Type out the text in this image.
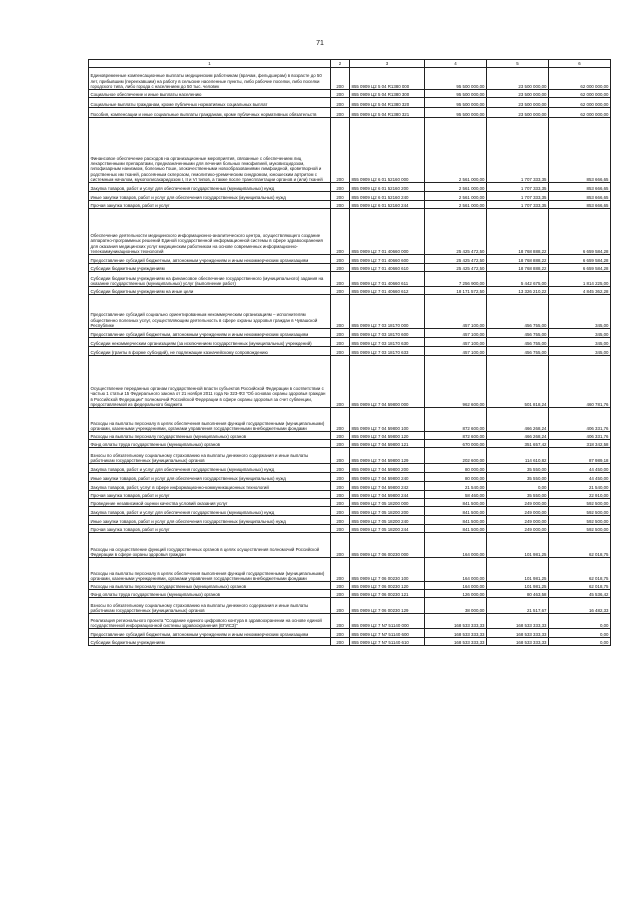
71
1	2	3	4	5	6
Единовременные компенсационные выплаты медицинским работникам (врачам, фельдшерам) в возрасте до 50 лет, прибывшим (переехавшим) на работу в сельские населенные пункты, либо рабочие поселки, либо поселки городского типа, либо города с населением до 50 тыс. человек	200	855 0909 Ц2 5 04 R1380 000	95 500 000,00	23 500 000,00	62 000 000,00
Социальное обеспечение и иные выплаты населению	200	855 0909 Ц2 5 04 R1380 300	95 500 000,00	23 500 000,00	62 000 000,00
Социальные выплаты гражданам, кроме публичных нормативных социальных выплат	200	855 0909 Ц2 5 04 R1380 320	95 500 000,00	23 500 000,00	62 000 000,00
Пособия, компенсации и иные социальные выплаты гражданам, кроме публичных нормативных обязательств	200	855 0909 Ц2 5 04 R1380 321	95 500 000,00	23 500 000,00	62 000 000,00
Финансовое обеспечение расходов на организационные мероприятия, связанные с обеспечением лиц лекарственными препаратами, предназначенными для лечения больных гемофилией, муковисцидозом, гипофизарным нанизмом, болезнью Гоше, злокачественными новообразованиями лимфоидной, кроветворной и родственных им тканей, рассеянным склерозом, гемолитико-уремическим синдромом, юношеским артритом с системным началом, мукополисахаридозом I, II и VI типов, а также после трансплантации органов и (или) тканей	200	855 0909 Ц2 6 01 52160 000	2 561 000,00	1 707 333,35	853 666,65
Закупка товаров, работ и услуг для обеспечения государственных (муниципальных) нужд	200	855 0909 Ц2 6 01 52160 200	2 561 000,00	1 707 333,35	853 666,65
Иные закупки товаров, работ и услуг для обеспечения государственных (муниципальных) нужд	200	855 0909 Ц2 6 01 52160 240	2 561 000,00	1 707 333,35	853 666,65
Прочая закупка товаров, работ и услуг	200	855 0909 Ц2 6 01 52160 244	2 561 000,00	1 707 333,35	853 666,65
Обеспечение деятельности медицинского информационно-аналитического центра, осуществляющего создание аппаратно-программных решений Единой государственной информационной системы в сфере здравоохранения для оказания медицинских услуг медицинским работником на основе современных информационно-телекоммуникационных технологий	200	855 0909 Ц2 7 01 40660 000	25 425 472,50	18 768 888,22	6 659 584,28
Предоставление субсидий бюджетным, автономным учреждениям и иным некоммерческим организациям	200	855 0909 Ц2 7 01 40660 600	25 425 472,50	18 768 888,22	6 659 584,28
Субсидии бюджетным учреждениям	200	855 0909 Ц2 7 01 40660 610	25 425 472,50	18 768 888,22	6 659 584,28
Субсидии бюджетным учреждениям на финансовое обеспечение государственного (муниципального) задания на оказание государственных (муниципальных) услуг (выполнение работ)	200	855 0909 Ц2 7 01 40660 611	7 256 900,00	5 442 675,00	1 814 225,00
Субсидии бюджетным учреждениям на иные цели	200	855 0909 Ц2 7 01 40660 612	18 171 572,50	13 326 210,22	4 845 362,28
Предоставление субсидий социально ориентированным некоммерческим организациям – исполнителям общественно полезных услуг, осуществляющим деятельность в сфере охраны здоровья граждан в Чувашской Республике	200	855 0909 Ц2 7 03 18170 000	457 100,00	456 755,00	345,00
Предоставление субсидий бюджетным, автономным учреждениям и иным некоммерческим организациям	200	855 0909 Ц2 7 03 18170 600	457 100,00	456 755,00	345,00
Субсидии некоммерческим организациям (за исключением государственных (муниципальных) учреждений)	200	855 0909 Ц2 7 03 18170 630	457 100,00	456 755,00	345,00
Субсидии (гранты в форме субсидий), не подлежащие казначейскому сопровождению	200	855 0909 Ц2 7 03 18170 633	457 100,00	456 755,00	345,00
Осуществление переданных органам государственной власти субъектов Российской Федерации в соответствии с частью 1 статьи 15 Федерального закона от 21 ноября 2011 года № 323-ФЗ "Об основах охраны здоровья граждан в Российской Федерации" полномочий Российской Федерации в сфере охраны здоровья за счет субвенции, предоставляемой из федерального бюджета	200	855 0909 Ц2 7 04 59800 000	962 600,00	501 818,24	460 781,76
Расходы на выплаты персоналу в целях обеспечения выполнения функций государственными (муниципальными) органами, казенными учреждениями, органами управления государственными внебюджетными фондами	200	855 0909 Ц2 7 04 59800 100	872 600,00	466 268,24	406 331,76
Расходы на выплаты персоналу государственных (муниципальных) органов	200	855 0909 Ц2 7 04 59800 120	872 600,00	466 268,24	406 331,76
Фонд оплаты труда государственных (муниципальных) органов	200	855 0909 Ц2 7 04 59800 121	670 000,00	351 657,42	318 342,58
Взносы по обязательному социальному страхованию на выплаты денежного содержания и иные выплаты работникам государственных (муниципальных) органов	200	855 0909 Ц2 7 04 59800 129	202 600,00	114 610,82	87 989,18
Закупка товаров, работ и услуг для обеспечения государственных (муниципальных) нужд	200	855 0909 Ц2 7 04 59800 200	80 000,00	35 550,00	44 450,00
Иные закупки товаров, работ и услуг для обеспечения государственных (муниципальных) нужд	200	855 0909 Ц2 7 04 59800 240	80 000,00	35 550,00	44 450,00
Закупка товаров, работ, услуг в сфере информационно-коммуникационных технологий	200	855 0909 Ц2 7 04 59800 242	21 540,00	0,00	21 540,00
Прочая закупка товаров, работ и услуг	200	855 0909 Ц2 7 04 59800 244	58 460,00	35 550,00	22 910,00
Проведение независимой оценки качества условий оказания услуг	200	855 0909 Ц2 7 05 18200 000	841 500,00	249 000,00	592 500,00
Закупка товаров, работ и услуг для обеспечения государственных (муниципальных) нужд	200	855 0909 Ц2 7 05 18200 200	841 500,00	249 000,00	592 500,00
Иные закупки товаров, работ и услуг для обеспечения государственных (муниципальных) нужд	200	855 0909 Ц2 7 05 18200 240	841 500,00	249 000,00	592 500,00
Прочая закупка товаров, работ и услуг	200	855 0909 Ц2 7 05 18200 244	841 500,00	249 000,00	592 500,00
Расходы на осуществление функций государственных органов в целях осуществления полномочий Российской Федерации в сфере охраны здоровья граждан	200	855 0909 Ц2 7 06 00230 000	164 000,00	101 981,25	62 018,75
Расходы на выплаты персоналу в целях обеспечения выполнения функций государственными (муниципальными) органами, казенными учреждениями, органами управления государственными внебюджетными фондами	200	855 0909 Ц2 7 06 00230 100	164 000,00	101 981,25	62 018,75
Расходы на выплаты персоналу государственных (муниципальных) органов	200	855 0909 Ц2 7 06 00230 120	164 000,00	101 981,25	62 018,75
Фонд оплаты труда государственных (муниципальных) органов	200	855 0909 Ц2 7 06 00230 121	126 000,00	80 463,58	45 536,42
Взносы по обязательному социальному страхованию на выплаты денежного содержания и иные выплаты работникам государственных (муниципальных) органов	200	855 0909 Ц2 7 06 00230 129	38 000,00	21 517,67	16 482,33
Реализация регионального проекта "Создание единого цифрового контура в здравоохранении на основе единой государственной информационной системы здравоохранения (ЕГИСЗ)"	200	855 0909 Ц2 7 N7 51140 000	168 533 333,33	168 533 333,33	0,00
Предоставление субсидий бюджетным, автономным учреждениям и иным некоммерческим организациям	200	855 0909 Ц2 7 N7 51140 600	168 533 333,33	168 533 333,33	0,00
Субсидии бюджетным учреждениям	200	855 0909 Ц2 7 N7 51140 610	168 533 333,33	168 533 333,33	0,00
